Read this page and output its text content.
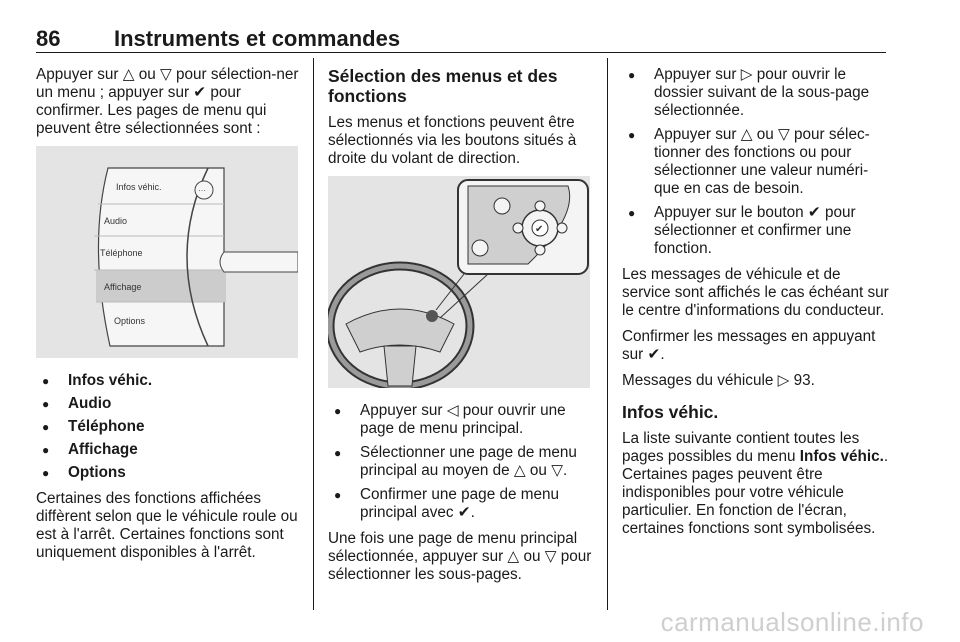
86 Instruments et commandes

Appuyer sur △ ou ▽ pour sélection-ner un menu ; appuyer sur ✔ pour confirmer. Les pages de menu qui peuvent être sélectionnées sont :

···
Infos véhic.
Audio
Téléphone
Affichage
Options
● Infos véhic.
● Audio
● Téléphone
● Affichage
● Options

Certaines des fonctions affichées diffèrent selon que le véhicule roule ou est à l'arrêt. Certaines fonctions sont uniquement disponibles à l'arrêt.

Sélection des menus et des fonctions

Les menus et fonctions peuvent être sélectionnés via les boutons situés à droite du volant de direction.

✔
● Appuyer sur ◁ pour ouvrir une page de menu principal.
● Sélectionner une page de menu principal au moyen de △ ou ▽.
● Confirmer une page de menu principal avec ✔.

Une fois une page de menu principal sélectionnée, appuyer sur △ ou ▽ pour sélectionner les sous-pages.

● Appuyer sur ▷ pour ouvrir le dossier suivant de la sous-page sélectionnée.
● Appuyer sur △ ou ▽ pour sélec-tionner des fonctions ou pour sélectionner une valeur numéri-que en cas de besoin.
● Appuyer sur le bouton ✔ pour sélectionner et confirmer une fonction.

Les messages de véhicule et de service sont affichés le cas échéant sur le centre d'informations du conducteur.

Confirmer les messages en appuyant sur ✔.

Messages du véhicule ▷ 93.

Infos véhic.

La liste suivante contient toutes les pages possibles du menu Infos véhic.. Certaines pages peuvent être indisponibles pour votre véhicule particulier. En fonction de l'écran, certaines fonctions sont symbolisées.

carmanualsonline.info
